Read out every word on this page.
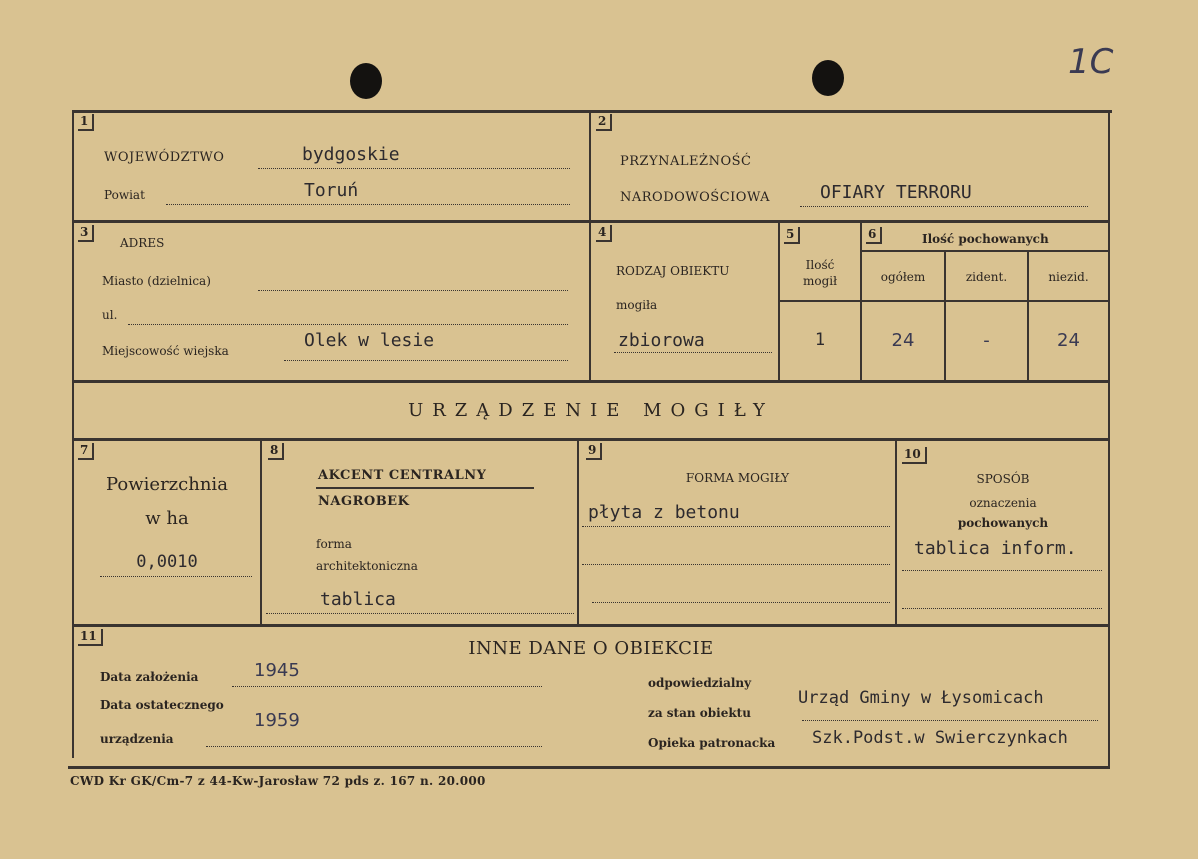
1C
1
WOJEWÓDZTWO	bydgoskie
Powiat	Toruń
2
PRZYNALEŻNOŚĆ
NARODOWOŚCIOWA	OFIARY TERRORU
3
ADRES
Miasto (dzielnica)
ul.
Miejscowość wiejska	Olek w lesie
4
RODZAJ OBIEKTU
mogiła
zbiorowa
5
Ilość
mogił
1
6	Ilość pochowanych
ogółem	zident.	niezid.
24	-	24
URZĄDZENIE MOGIŁY
7
Powierzchnia
w ha
0,0010
8
AKCENT CENTRALNY
NAGROBEK
forma
architektoniczna
tablica
9
FORMA MOGIŁY
płyta z betonu
10
SPOSÓB
oznaczenia
pochowanych
tablica inform.
11
INNE DANE O OBIEKCIE
Data założenia	1945
Data ostatecznego
urządzenia
1959
odpowiedzialny
za stan obiektu
Urząd Gminy w Łysomicach
Opieka patronacka Szk.Podst.w Swierczynkach
CWD Kr GK/Cm-7 z 44-Kw-Jarosław 72 pds z. 167 n. 20.000
